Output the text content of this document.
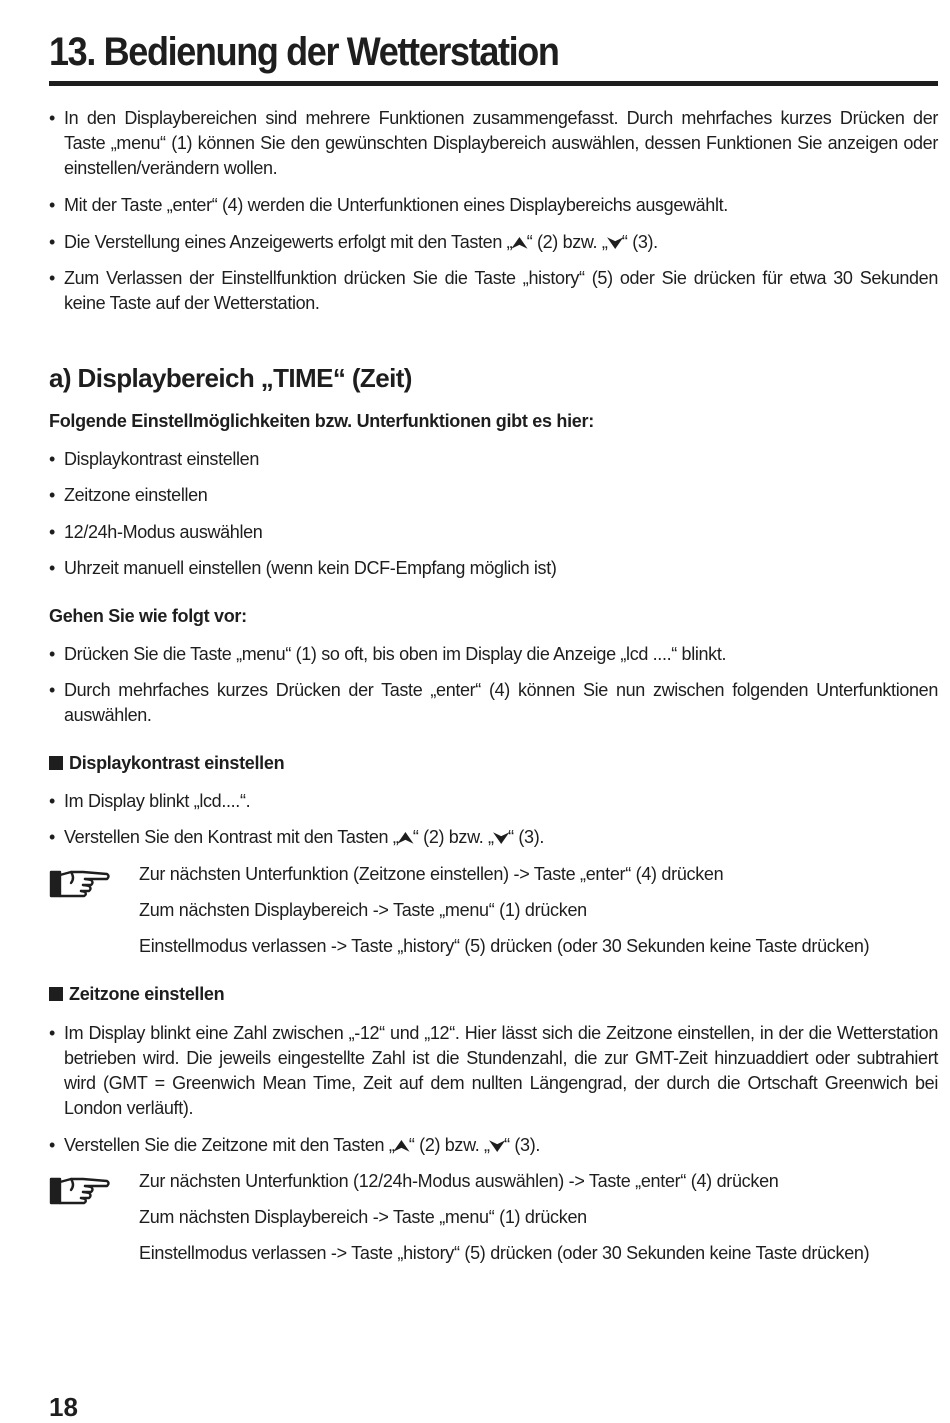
13. Bedienung der Wetterstation
• In den Displaybereichen sind mehrere Funktionen zusammengefasst. Durch mehrfaches kurzes Drücken der Taste „menu“ (1) können Sie den gewünschten Displaybereich auswählen, dessen Funktionen Sie anzeigen oder einstellen/verändern wollen.
• Mit der Taste „enter“ (4) werden die Unterfunktionen eines Displaybereichs ausgewählt.
• Die Verstellung eines Anzeigewerts erfolgt mit den Tasten „⮝“ (2) bzw. „⮟“ (3).
• Zum Verlassen der Einstellfunktion drücken Sie die Taste „history“ (5) oder Sie drücken für etwa 30 Sekunden keine Taste auf der Wetterstation.
a) Displaybereich „TIME“ (Zeit)
Folgende Einstellmöglichkeiten bzw. Unterfunktionen gibt es hier:
• Displaykontrast einstellen
• Zeitzone einstellen
• 12/24h-Modus auswählen
• Uhrzeit manuell einstellen (wenn kein DCF-Empfang möglich ist)
Gehen Sie wie folgt vor:
• Drücken Sie die Taste „menu“ (1) so oft, bis oben im Display die Anzeige „lcd ....“ blinkt.
• Durch mehrfaches kurzes Drücken der Taste „enter“ (4) können Sie nun zwischen folgenden Unterfunktionen auswählen.
Displaykontrast einstellen
• Im Display blinkt „lcd....“.
• Verstellen Sie den Kontrast mit den Tasten „⮝“ (2) bzw. „⮟“ (3).
Zur nächsten Unterfunktion (Zeitzone einstellen) -> Taste „enter“ (4) drücken
Zum nächsten Displaybereich -> Taste „menu“ (1) drücken
Einstellmodus verlassen -> Taste „history“ (5) drücken (oder 30 Sekunden keine Taste drücken)
Zeitzone einstellen
• Im Display blinkt eine Zahl zwischen „-12“ und „12“. Hier lässt sich die Zeitzone einstellen, in der die Wetterstation betrieben wird. Die jeweils eingestellte Zahl ist die Stundenzahl, die zur GMT-Zeit hinzuaddiert oder subtrahiert wird (GMT = Greenwich Mean Time, Zeit auf dem nullten Längengrad, der durch die Ortschaft Greenwich bei London verläuft).
• Verstellen Sie die Zeitzone mit den Tasten „⮝“ (2) bzw. „⮟“ (3).
Zur nächsten Unterfunktion (12/24h-Modus auswählen) -> Taste „enter“ (4) drücken
Zum nächsten Displaybereich -> Taste „menu“ (1) drücken
Einstellmodus verlassen -> Taste „history“ (5) drücken (oder 30 Sekunden keine Taste drücken)
18
